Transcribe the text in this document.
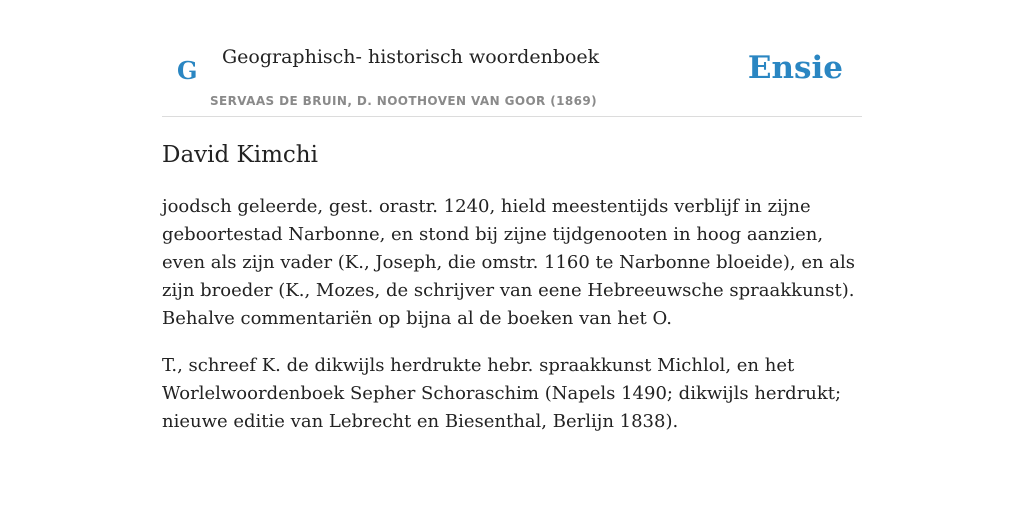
G Geographisch- historisch woordenboek
SERVAAS DE BRUIN, D. NOOTHOVEN VAN GOOR (1869)
Ensie
David Kimchi

joodsch geleerde, gest. orastr. 1240, hield meestentijds verblijf in zijne geboortestad Narbonne, en stond bij zijne tijdgenooten in hoog aanzien, even als zijn vader (K., Joseph, die omstr. 1160 te Narbonne bloeide), en als zijn broeder (K., Mozes, de schrijver van eene Hebreeuwsche spraakkunst). Behalve commentariën op bijna al de boeken van het O.

T., schreef K. de dikwijls herdrukte hebr. spraakkunst Michlol, en het Worlelwoordenboek Sepher Schoraschim (Napels 1490; dikwijls herdrukt; nieuwe editie van Lebrecht en Biesenthal, Berlijn 1838).
